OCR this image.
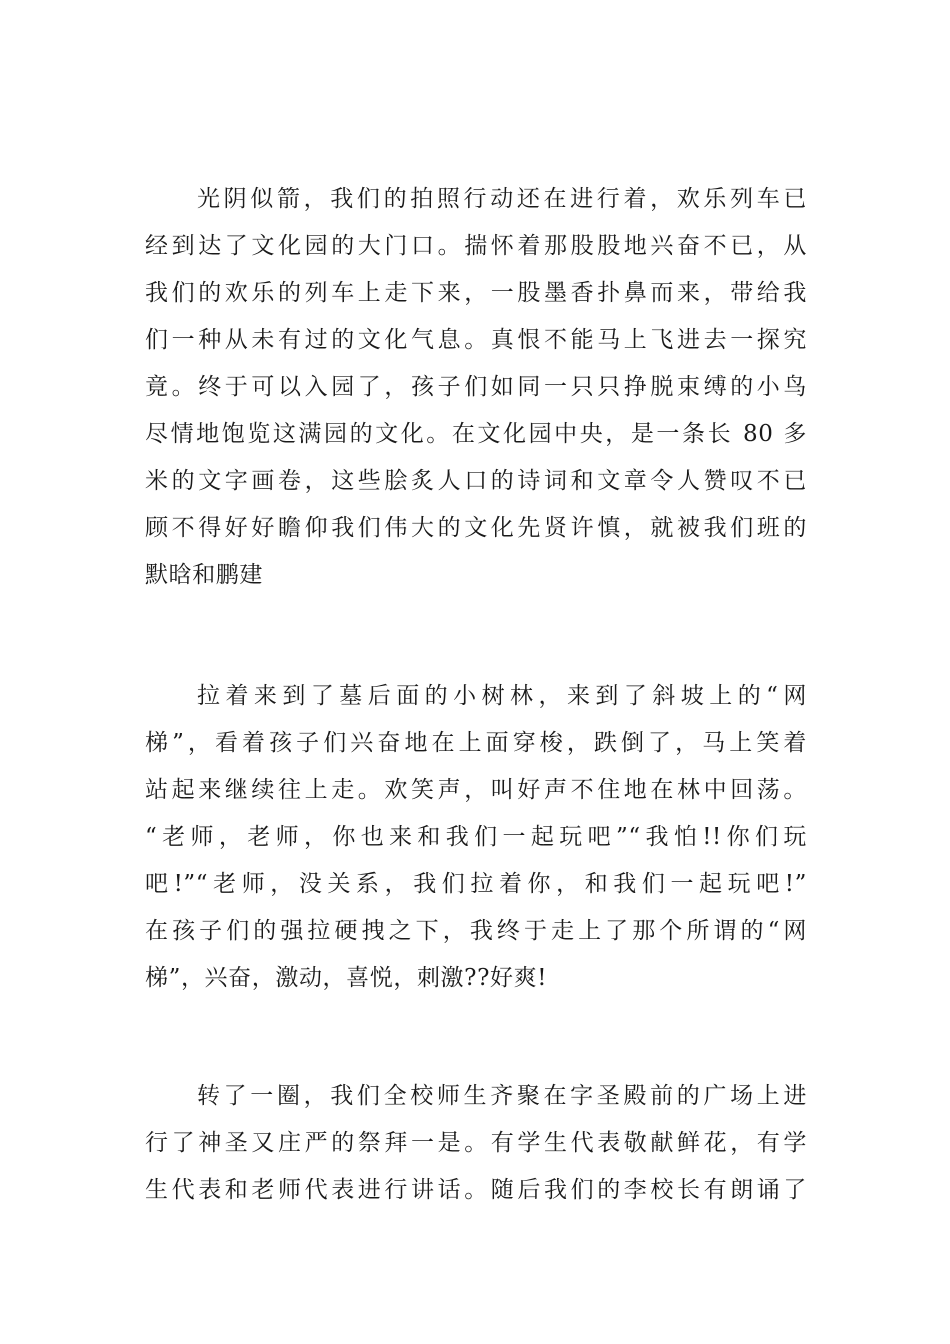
光阴似箭，我们的拍照行动还在进行着，欢乐列车已
经到达了文化园的大门口。揣怀着那股股地兴奋不已，从
我们的欢乐的列车上走下来，一股墨香扑鼻而来，带给我
们一种从未有过的文化气息。真恨不能马上飞进去一探究
竟。终于可以入园了，孩子们如同一只只挣脱束缚的小鸟
尽情地饱览这满园的文化。在文化园中央，是一条长 80 多
米的文字画卷，这些脍炙人口的诗词和文章令人赞叹不已
顾不得好好瞻仰我们伟大的文化先贤许慎，就被我们班的
默晗和鹏建
拉着来到了墓后面的小树林，来到了斜坡上的“网
梯”，看着孩子们兴奋地在上面穿梭，跌倒了，马上笑着
站起来继续往上走。欢笑声，叫好声不住地在林中回荡。
“老师，老师，你也来和我们一起玩吧”“我怕!!你们玩
吧!”“老师，没关系，我们拉着你，和我们一起玩吧!”
在孩子们的强拉硬拽之下，我终于走上了那个所谓的“网
梯”，兴奋，激动，喜悦，刺激??好爽!
转了一圈，我们全校师生齐聚在字圣殿前的广场上进
行了神圣又庄严的祭拜一是。有学生代表敬献鲜花，有学
生代表和老师代表进行讲话。随后我们的李校长有朗诵了
